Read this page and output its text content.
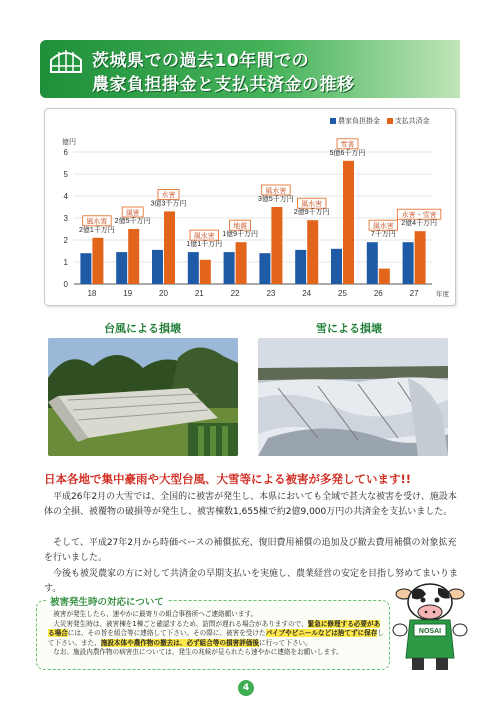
茨城県での過去10年間での
農家負担掛金と支払共済金の推移
農家負担掛金 支払共済金
0
1
2
3
4
5
6
億円
18	19	20	21	22	23	24	25	26	27	年度
風水害
2億1千万円
風害
2億5千万円
水害
3億3千万円
風水害
1億1千万円
地震
1億9千万円
風水害
3億5千万円
風水害
2億9千万円
雪害
5億6千万円
風水害
7千万円
水害・雪害
2億4千万円
台風による損壊	雪による損壊
日本各地で集中豪雨や大型台風、大雪等による被害が多発しています!!

平成26年2月の大雪では、全国的に被害が発生し、本県においても全域で甚大な被害を受け、施設本体の全損、被覆物の破損等が発生し、被害棟数1,655棟で約2億9,000万円の共済金を支払いました。

そして、平成27年2月から時価ベースの補償拡充、復旧費用補償の追加及び撤去費用補償の対象拡充を行いました。

今後も被災農家の方に対して共済金の早期支払いを実施し、農業経営の安定を目指し努めてまいります。

被害発生時の対応について

被害が発生したら、速やかに最寄りの組合事務所へご連絡願います。

大災害発生時は、被害棟を1棟ごと確認するため、訪問が遅れる場合がありますので、緊急に修理する必要がある場合には、その旨を組合等に連絡して下さい。その際に、被害を受けたパイプやビニールなどは捨てずに保存して下さい。また、施設本体や農作物の撤去は、必ず組合等の損害評価後に行って下さい。

なお、施設内農作物の病害虫については、発生の兆候が見られたら速やかに連絡をお願いします。

NOSAI
4
